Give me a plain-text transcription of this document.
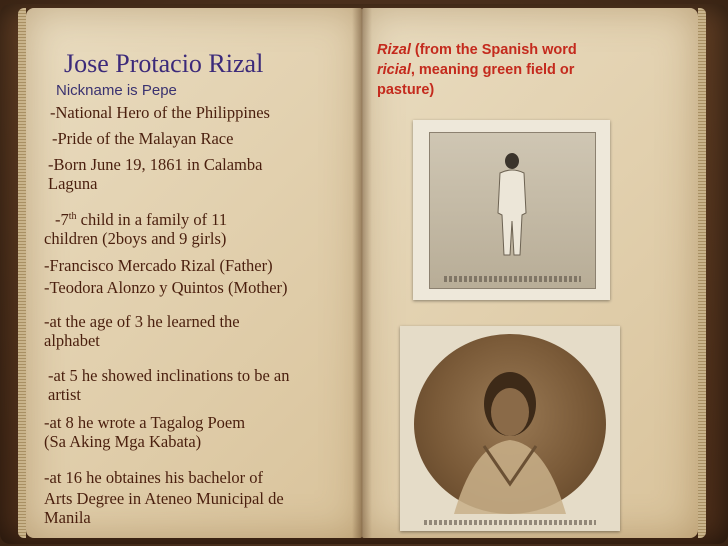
Jose Protacio Rizal
Nickname is Pepe
-National Hero of the Philippines
-Pride of the Malayan Race
-Born June 19, 1861 in Calamba
Laguna
-7th child in a family of 11
children (2boys and 9 girls)
-Francisco Mercado Rizal (Father)
-Teodora Alonzo y Quintos (Mother)
-at the age of 3 he learned the
alphabet
-at 5 he showed inclinations to be an
artist
-at 8 he wrote a Tagalog Poem
(Sa Aking Mga Kabata)
-at 16 he obtaines his bachelor of
Arts Degree in Ateneo Municipal de
Manila
Rizal (from the Spanish word
ricial, meaning green field or
pasture)
